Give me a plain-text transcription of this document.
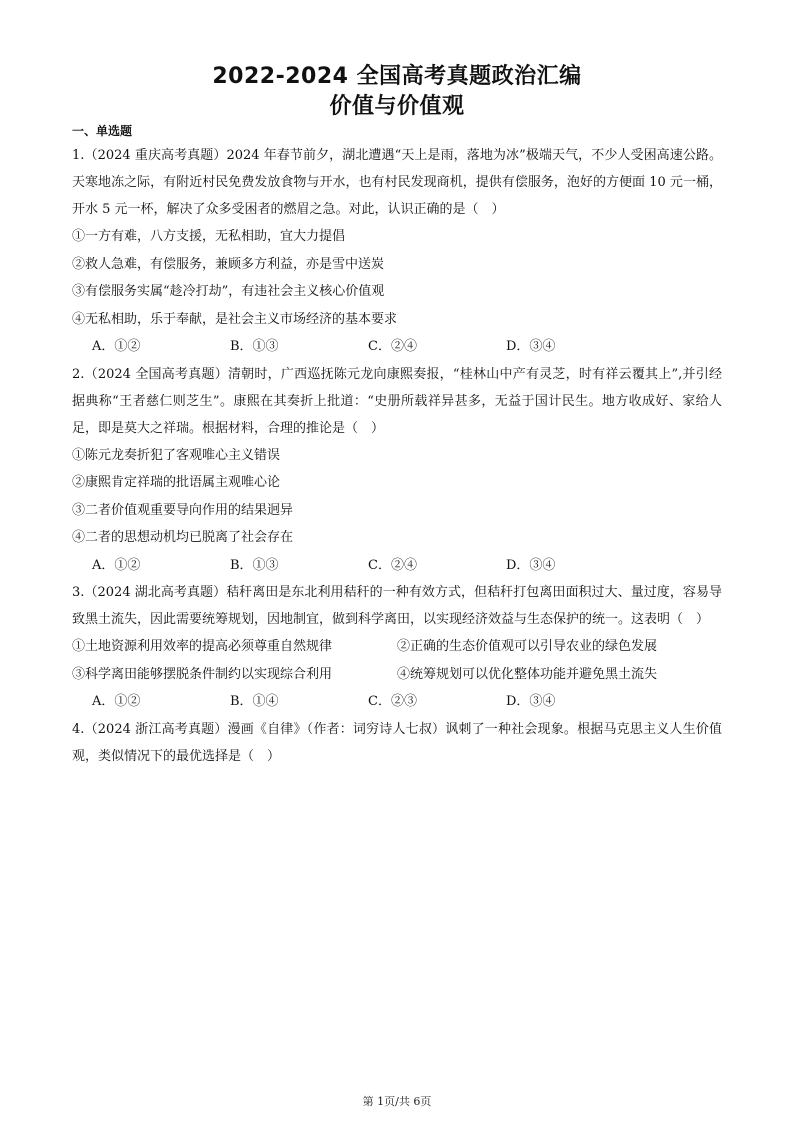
2022-2024 全国高考真题政治汇编
价值与价值观
一、单选题
1.（2024 重庆高考真题）2024 年春节前夕，湖北遭遇“天上是雨，落地为冰”极端天气，不少人受困高速公路。天寒地冻之际，有附近村民免费发放食物与开水，也有村民发现商机，提供有偿服务，泡好的方便面 10 元一桶，开水 5 元一杯，解决了众多受困者的燃眉之急。对此，认识正确的是（　）
①一方有难，八方支援，无私相助，宜大力提倡
②救人急难，有偿服务，兼顾多方利益，亦是雪中送炭
③有偿服务实属“趁冷打劫”，有违社会主义核心价值观
④无私相助，乐于奉献，是社会主义市场经济的基本要求
A．①②	B．①③	C．②④	D．③④
2.（2024 全国高考真题）清朝时，广西巡抚陈元龙向康熙奏报，“桂林山中产有灵芝，时有祥云覆其上”,并引经据典称“王者慈仁则芝生”。康熙在其奏折上批道：“史册所载祥异甚多，无益于国计民生。地方收成好、家给人足，即是莫大之祥瑞。根据材料，合理的推论是（　）
①陈元龙奏折犯了客观唯心主义错误
②康熙肯定祥瑞的批语属主观唯心论
③二者价值观重要导向作用的结果迥异
④二者的思想动机均已脱离了社会存在
A．①②	B．①③	C．②④	D．③④
3.（2024 湖北高考真题）秸秆离田是东北利用秸秆的一种有效方式，但秸秆打包离田面积过大、量过度，容易导致黑土流失，因此需要统筹规划，因地制宜，做到科学离田，以实现经济效益与生态保护的统一。这表明（　）
①土地资源利用效率的提高必须尊重自然规律	②正确的生态价值观可以引导农业的绿色发展
③科学离田能够摆脱条件制约以实现综合利用	④统筹规划可以优化整体功能并避免黑土流失
A．①②	B．①④	C．②③	D．③④
4.（2024 浙江高考真题）漫画《自律》（作者：词穷诗人七叔）讽刺了一种社会现象。根据马克思主义人生价值观，类似情况下的最优选择是（　）
第 1页/共 6页
